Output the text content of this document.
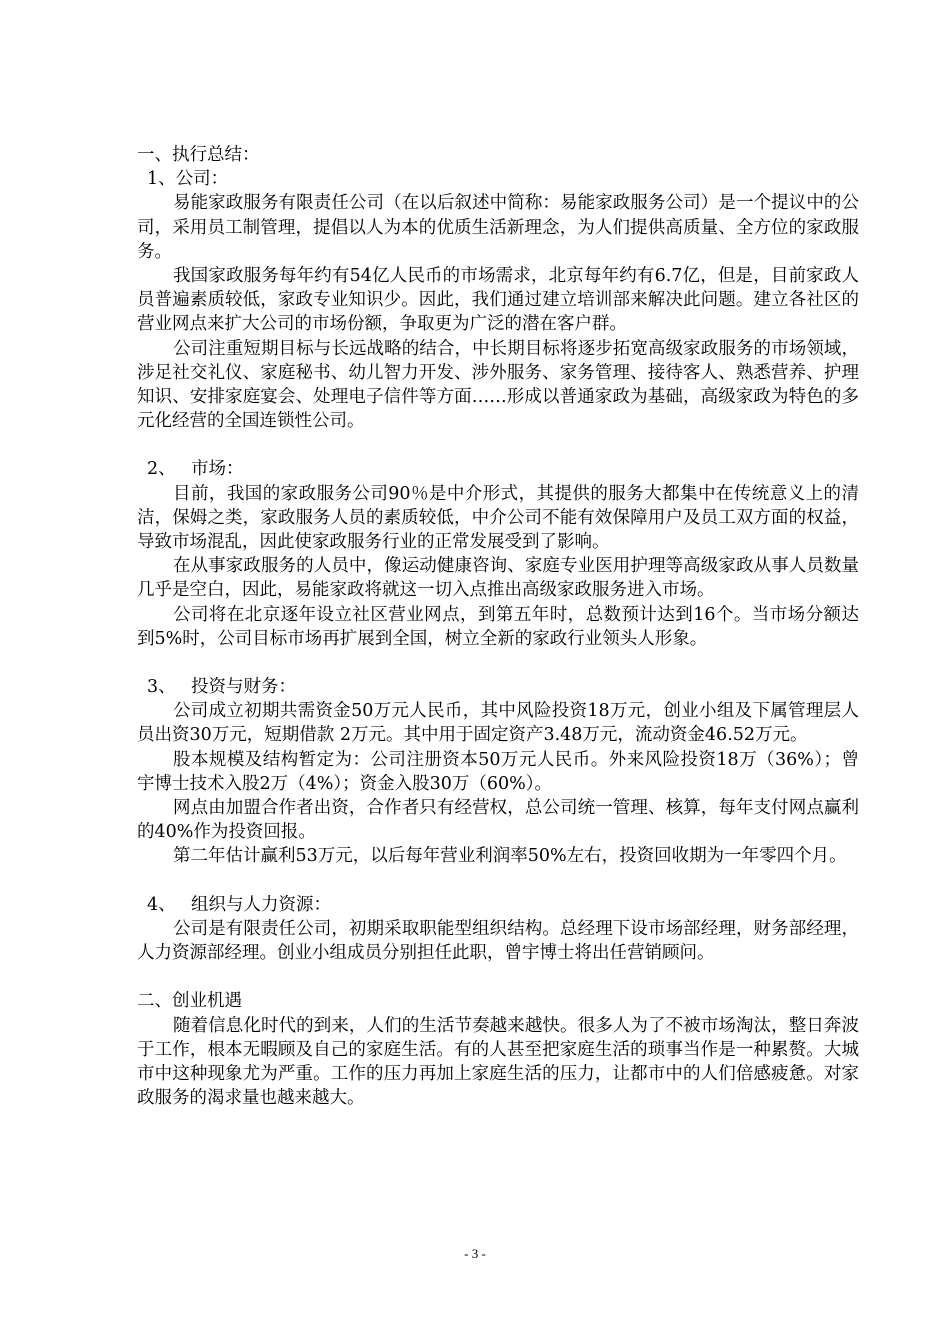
一、执行总结：
1、公司：
易能家政服务有限责任公司（在以后叙述中简称：易能家政服务公司）是一个提议中的公司，采用员工制管理，提倡以人为本的优质生活新理念，为人们提供高质量、全方位的家政服务。
我国家政服务每年约有54亿人民币的市场需求，北京每年约有6.7亿，但是，目前家政人员普遍素质较低，家政专业知识少。因此，我们通过建立培训部来解决此问题。建立各社区的营业网点来扩大公司的市场份额，争取更为广泛的潜在客户群。
公司注重短期目标与长远战略的结合，中长期目标将逐步拓宽高级家政服务的市场领域，涉足社交礼仪、家庭秘书、幼儿智力开发、涉外服务、家务管理、接待客人、熟悉营养、护理知识、安排家庭宴会、处理电子信件等方面……形成以普通家政为基础，高级家政为特色的多元化经营的全国连锁性公司。
2、 市场：
目前，我国的家政服务公司90％是中介形式，其提供的服务大都集中在传统意义上的清洁，保姆之类，家政服务人员的素质较低，中介公司不能有效保障用户及员工双方面的权益，导致市场混乱，因此使家政服务行业的正常发展受到了影响。
在从事家政服务的人员中，像运动健康咨询、家庭专业医用护理等高级家政从事人员数量几乎是空白，因此，易能家政将就这一切入点推出高级家政服务进入市场。
公司将在北京逐年设立社区营业网点，到第五年时，总数预计达到16个。当市场分额达到5%时，公司目标市场再扩展到全国，树立全新的家政行业领头人形象。
3、 投资与财务：
公司成立初期共需资金50万元人民币，其中风险投资18万元，创业小组及下属管理层人员出资30万元，短期借款 2万元。其中用于固定资产3.48万元，流动资金46.52万元。
股本规模及结构暂定为：公司注册资本50万元人民币。外来风险投资18万（36%）；曾宇博士技术入股2万（4%）；资金入股30万（60%）。
网点由加盟合作者出资，合作者只有经营权，总公司统一管理、核算，每年支付网点赢利的40%作为投资回报。
第二年估计赢利53万元，以后每年营业利润率50%左右，投资回收期为一年零四个月。
4、 组织与人力资源：
公司是有限责任公司，初期采取职能型组织结构。总经理下设市场部经理，财务部经理，人力资源部经理。创业小组成员分别担任此职，曾宇博士将出任营销顾问。
二、创业机遇
随着信息化时代的到来，人们的生活节奏越来越快。很多人为了不被市场淘汰，整日奔波于工作，根本无暇顾及自己的家庭生活。有的人甚至把家庭生活的琐事当作是一种累赘。大城市中这种现象尤为严重。工作的压力再加上家庭生活的压力，让都市中的人们倍感疲惫。对家政服务的渴求量也越来越大。
- 3 -
